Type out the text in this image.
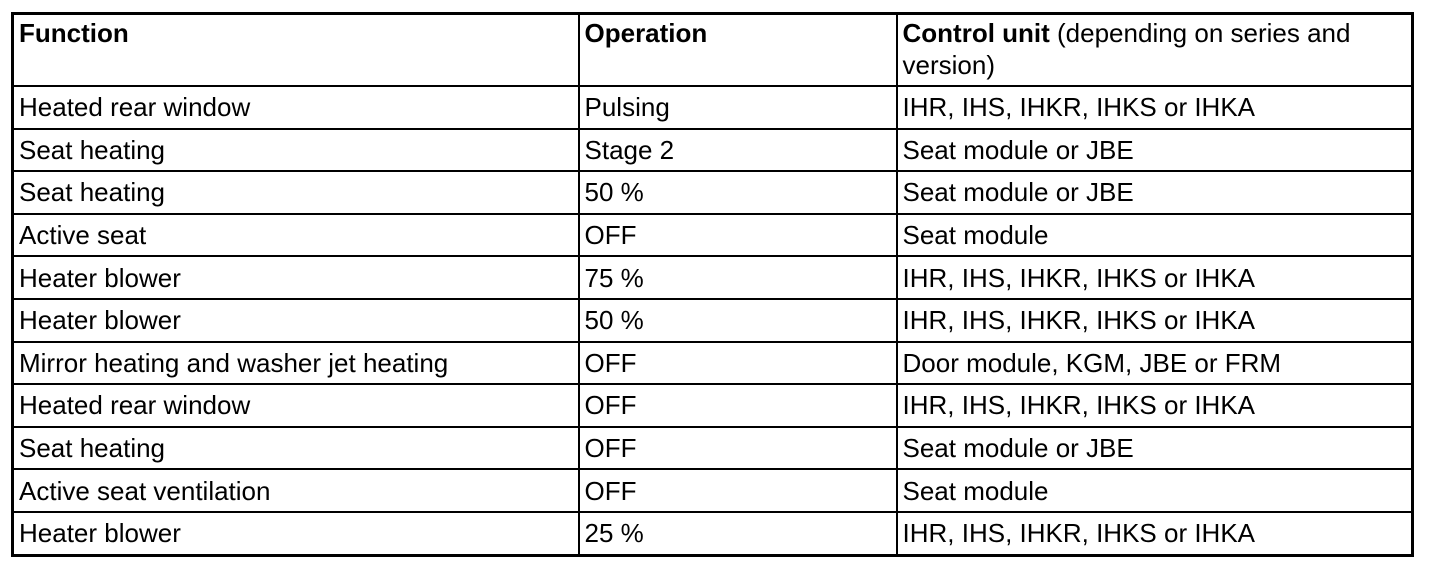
Function	Operation	Control unit (depending on series and version)
Heated rear window	Pulsing	IHR, IHS, IHKR, IHKS or IHKA
Seat heating	Stage 2	Seat module or JBE
Seat heating	50 %	Seat module or JBE
Active seat	OFF	Seat module
Heater blower	75 %	IHR, IHS, IHKR, IHKS or IHKA
Heater blower	50 %	IHR, IHS, IHKR, IHKS or IHKA
Mirror heating and washer jet heating	OFF	Door module, KGM, JBE or FRM
Heated rear window	OFF	IHR, IHS, IHKR, IHKS or IHKA
Seat heating	OFF	Seat module or JBE
Active seat ventilation	OFF	Seat module
Heater blower	25 %	IHR, IHS, IHKR, IHKS or IHKA
